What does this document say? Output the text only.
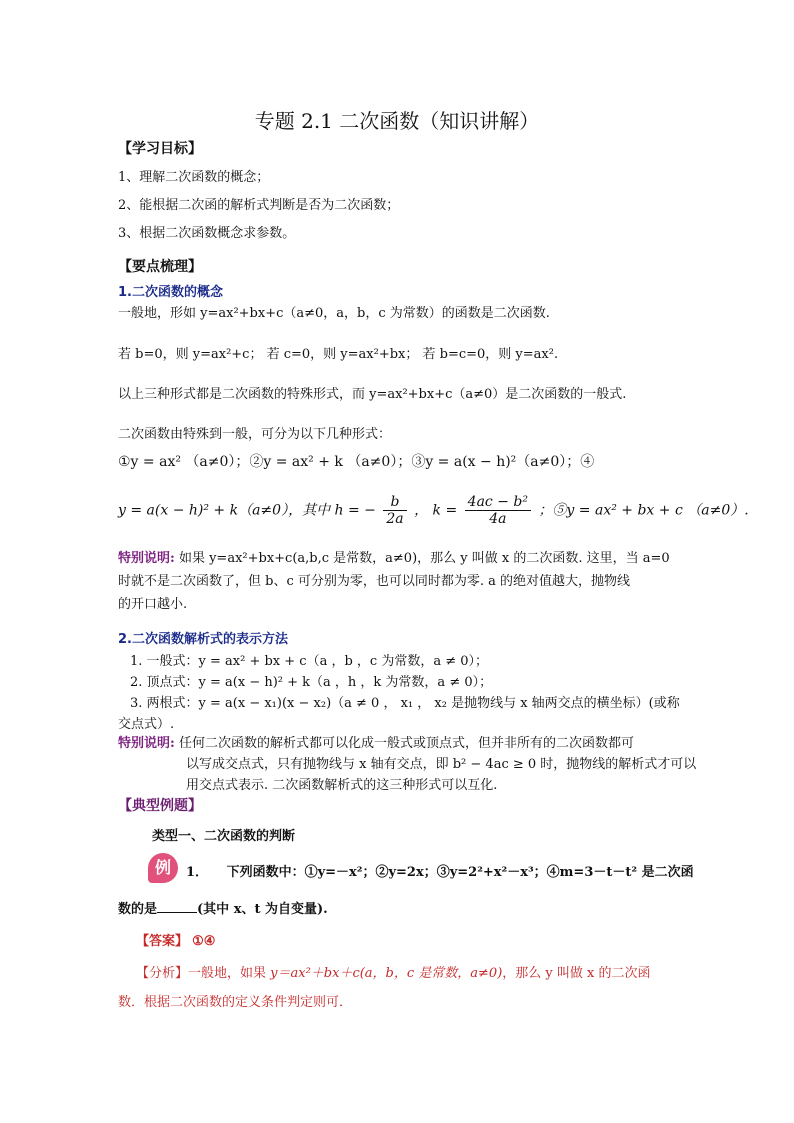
专题 2.1 二次函数（知识讲解）
【学习目标】
1、理解二次函数的概念；
2、能根据二次函的解析式判断是否为二次函数；
3、根据二次函数概念求参数。
【要点梳理】
1.二次函数的概念
一般地，形如 y=ax²+bx+c（a≠0，a，b，c 为常数）的函数是二次函数.
若 b=0，则 y=ax²+c； 若 c=0，则 y=ax²+bx； 若 b=c=0，则 y=ax².
以上三种形式都是二次函数的特殊形式，而 y=ax²+bx+c（a≠0）是二次函数的一般式.
二次函数由特殊到一般，可分为以下几种形式：
①y = ax² （a≠0）；②y = ax² + k （a≠0）；③y = a(x − h)²（a≠0）；④
y = a(x − h)² + k（a≠0），其中 h = − $\frac{b}{2a}$ ， $k = \frac{\text{4ac − b²}}{4a}$ ；⑤y = ax² + bx + c （a≠0）.
特别说明: 如果 y=ax²+bx+c(a,b,c 是常数，a≠0)，那么 y 叫做 x 的二次函数. 这里，当 a=0
时就不是二次函数了，但 b、c 可分别为零，也可以同时都为零. a 的绝对值越大，抛物线
的开口越小.
2.二次函数解析式的表示方法
1. 一般式：y = ax² + bx + c（a ，b ，c 为常数，a ≠ 0）；
2. 顶点式：y = a(x − h)² + k（a ，h ，k 为常数，a ≠ 0）；
3. 两根式：y = a(x − x₁)(x − x₂)（a ≠ 0 ， x₁ ， x₂ 是抛物线与 x 轴两交点的横坐标）(或称
交点式）.
特别说明: 任何二次函数的解析式都可以化成一般式或顶点式，但并非所有的二次函数都可
以写成交点式，只有抛物线与 x 轴有交点，即 b² − 4ac ≥ 0 时，抛物线的解析式才可以
用交点式表示. 二次函数解析式的这三种形式可以互化.
【典型例题】
类型一、二次函数的判断
例	1． 下列函数中：①y=－x²；②y=2x；③y=2²+x²－x³；④m=3－t－t² 是二次函
数的是	(其中 x、t 为自变量).
【答案】 ①④
【分析】一般地，如果 y＝ax²＋bx＋c(a，b，c 是常数，a≠0)，那么 y 叫做 x 的二次函
数．根据二次函数的定义条件判定则可．
